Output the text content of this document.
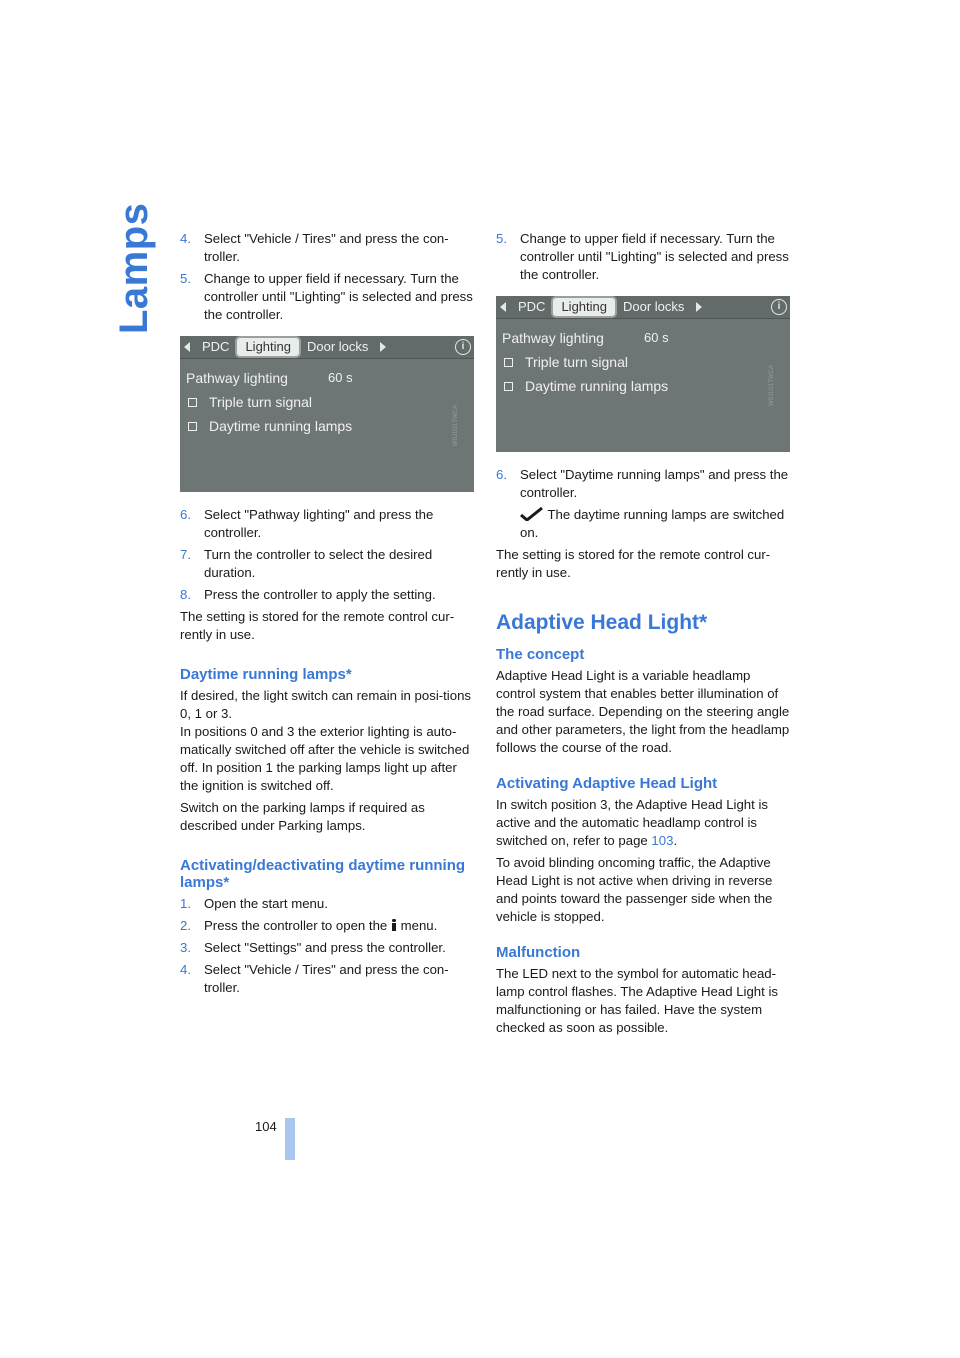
Lamps
104
4. Select "Vehicle / Tires" and press the con-troller.
5. Change to upper field if necessary. Turn the controller until "Lighting" is selected and press the controller.
PDC	Lighting	Door locks	i
Pathway lighting	60 s
Triple turn signal
Daytime running lamps	W9J1G1TWCA
6. Select "Pathway lighting" and press the controller.
7. Turn the controller to select the desired duration.
8. Press the controller to apply the setting.

The setting is stored for the remote control cur-rently in use.

Daytime running lamps*

If desired, the light switch can remain in posi-tions 0, 1 or 3.

In positions 0 and 3 the exterior lighting is auto-matically switched off after the vehicle is switched off. In position 1 the parking lamps light up after the ignition is switched off.

Switch on the parking lamps if required as described under Parking lamps.

Activating/deactivating daytime running lamps*
1. Open the start menu.
2. Press the controller to open the menu.
3. Select "Settings" and press the controller.
4. Select "Vehicle / Tires" and press the con-troller.
5. Change to upper field if necessary. Turn the controller until "Lighting" is selected and press the controller.
PDC	Lighting	Door locks	i
Pathway lighting	60 s
Triple turn signal
Daytime running lamps	W9J1G1TWCA
6. Select "Daytime running lamps" and press the controller.

The daytime running lamps are switched on.

The setting is stored for the remote control cur-rently in use.

Adaptive Head Light*
The concept

Adaptive Head Light is a variable headlamp control system that enables better illumination of the road surface. Depending on the steering angle and other parameters, the light from the headlamp follows the course of the road.

Activating Adaptive Head Light

In switch position 3, the Adaptive Head Light is active and the automatic headlamp control is switched on, refer to page 103.

To avoid blinding oncoming traffic, the Adaptive Head Light is not active when driving in reverse and points toward the passenger side when the vehicle is stopped.

Malfunction

The LED next to the symbol for automatic head-lamp control flashes. The Adaptive Head Light is malfunctioning or has failed. Have the system checked as soon as possible.
